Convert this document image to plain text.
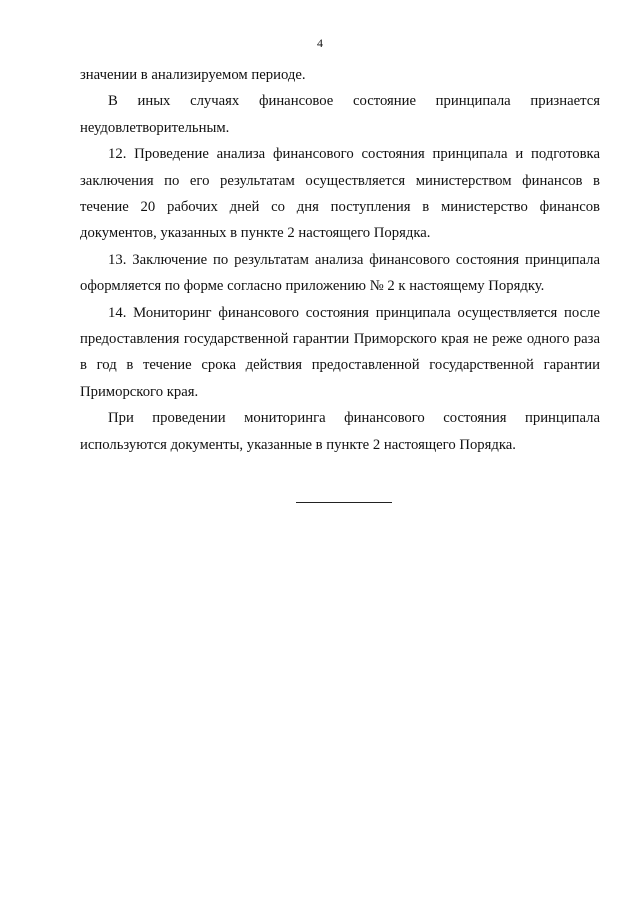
4

значении в анализируемом периоде.

В иных случаях финансовое состояние принципала признается неудовлетворительным.

12. Проведение анализа финансового состояния принципала и подготовка заключения по его результатам осуществляется министерством финансов в течение 20 рабочих дней со дня поступления в министерство финансов документов, указанных в пункте 2 настоящего Порядка.

13. Заключение по результатам анализа финансового состояния принципала оформляется по форме согласно приложению № 2 к настоящему Порядку.

14. Мониторинг финансового состояния принципала осуществляется после предоставления государственной гарантии Приморского края не реже одного раза в год в течение срока действия предоставленной государственной гарантии Приморского края.

При проведении мониторинга финансового состояния принципала используются документы, указанные в пункте 2 настоящего Порядка.
